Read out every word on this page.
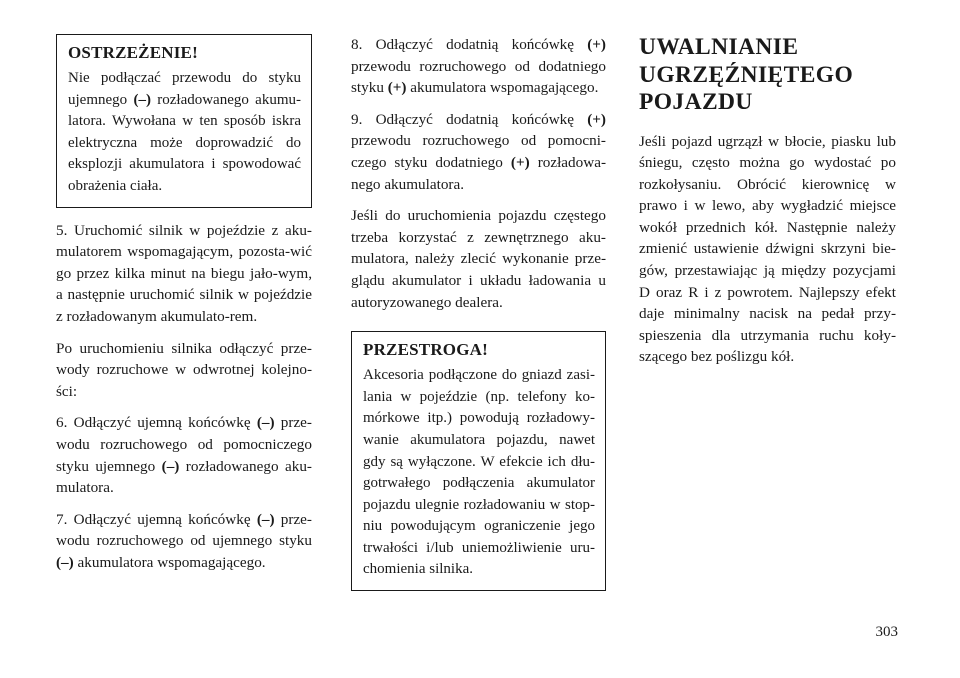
OSTRZEŻENIE!

Nie podłączać przewodu do styku ujemnego (–) rozładowanego akumu-latora. Wywołana w ten sposób iskra elektryczna może doprowadzić do eksplozji akumulatora i spowodować obrażenia ciała.

5. Uruchomić silnik w pojeździe z aku-mulatorem wspomagającym, pozosta-wić go przez kilka minut na biegu jało-wym, a następnie uruchomić silnik w pojeździe z rozładowanym akumulato-rem.

Po uruchomieniu silnika odłączyć prze-wody rozruchowe w odwrotnej kolejno-ści:

6. Odłączyć ujemną końcówkę (–) prze-wodu rozruchowego od pomocniczego styku ujemnego (–) rozładowanego aku-mulatora.

7. Odłączyć ujemną końcówkę (–) prze-wodu rozruchowego od ujemnego styku (–) akumulatora wspomagającego.

8. Odłączyć dodatnią końcówkę (+) przewodu rozruchowego od dodatniego styku (+) akumulatora wspomagającego.

9. Odłączyć dodatnią końcówkę (+) przewodu rozruchowego od pomocni-czego styku dodatniego (+) rozładowa-nego akumulatora.

Jeśli do uruchomienia pojazdu częstego trzeba korzystać z zewnętrznego aku-mulatora, należy zlecić wykonanie prze-glądu akumulator i układu ładowania u autoryzowanego dealera.

PRZESTROGA!

Akcesoria podłączone do gniazd zasi-lania w pojeździe (np. telefony ko-mórkowe itp.) powodują rozładowy-wanie akumulatora pojazdu, nawet gdy są wyłączone. W efekcie ich dłu-gotrwałego podłączenia akumulator pojazdu ulegnie rozładowaniu w stop-niu powodującym ograniczenie jego trwałości i/lub uniemożliwienie uru-chomienia silnika.

UWALNIANIE
UGRZĘŹNIĘTEGO
POJAZDU

Jeśli pojazd ugrzązł w błocie, piasku lub śniegu, często można go wydostać po rozkołysaniu. Obrócić kierownicę w prawo i w lewo, aby wygładzić miejsce wokół przednich kół. Następnie należy zmienić ustawienie dźwigni skrzyni bie-gów, przestawiając ją między pozycjami D oraz R i z powrotem. Najlepszy efekt daje minimalny nacisk na pedał przy-spieszenia dla utrzymania ruchu koły-szącego bez poślizgu kół.

303
